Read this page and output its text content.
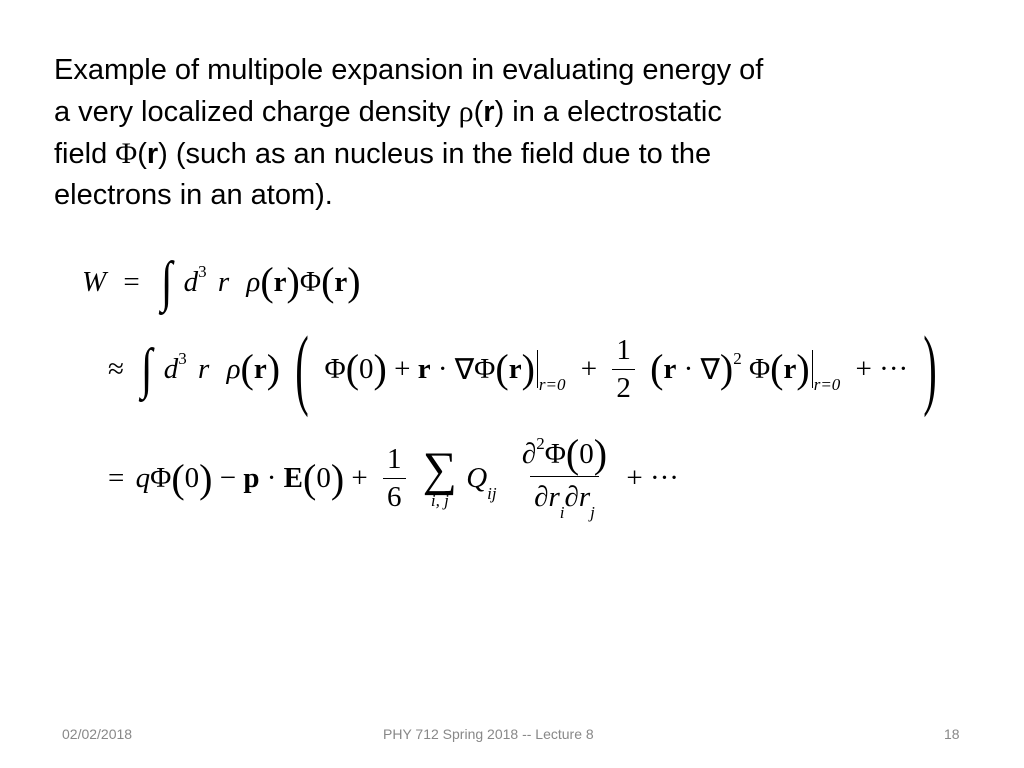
Example of multipole expansion in evaluating energy of
a very localized charge density ρ(r) in a electrostatic
field Φ(r) (such as an nucleus in the field due to the
electrons in an atom).

W = ∫ d3 r ρ(r)Φ(r)
≈ ∫ d3 r ρ(r) ( Φ(0) + r · ∇Φ(r) $r=0 + \frac{1}{2} (r \cdot \nabla)2$ Φ(r) r=0 + ··· )
= $q\Phi(0) - p \cdot E(0) + \frac{1}{6}$
∑
i, j
Qij $\frac{\partial 2\Phi(0)}{\partial ri\partial rj}$ + ···
02/02/2018	PHY 712 Spring 2018 -- Lecture 8	18
